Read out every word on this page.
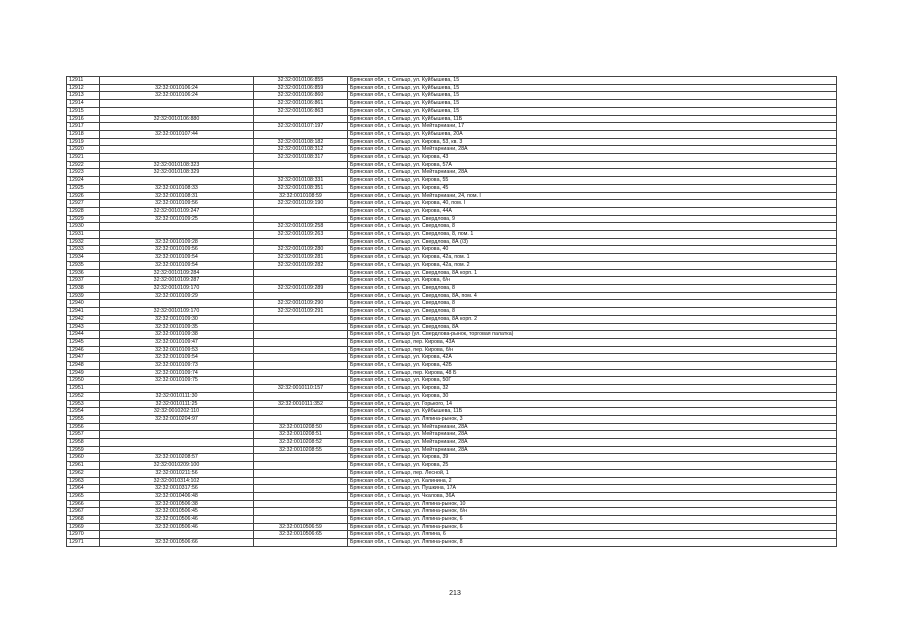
12911		32:32:0010106:855	Брянская обл., г. Сельцо, ул. Куйбышева, 15
12912	32:32:0010106:24	32:32:0010106:859	Брянская обл., г. Сельцо, ул. Куйбышева, 15
12913	32:32:0010106:24	32:32:0010106:860	Брянская обл., г. Сельцо, ул. Куйбышева, 15
12914		32:32:0010106:861	Брянская обл., г. Сельцо, ул. Куйбышева, 15
12915		32:32:0010106:863	Брянская обл., г. Сельцо, ул. Куйбышева, 15
12916	32:32:0010106:880		Брянская обл., г. Сельцо, ул. Куйбышева, 11Б
12917		32:32:0010107:197	Брянская обл., г. Сельцо, ул. Мейтарниани, 17
12918	32:32:0010107:44		Брянская обл., г. Сельцо, ул. Куйбышева, 20А
12919		32:32:0010108:182	Брянская обл., г. Сельцо, ул. Кирова, 53, кв. 3
12920		32:32:0010108:312	Брянская обл., г. Сельцо, ул. Мейтарниани, 28А
12921		32:32:0010108:317	Брянская обл., г. Сельцо, ул. Кирова, 43
12922	32:32:0010108:323		Брянская обл., г. Сельцо, ул. Кирова, 57А
12923	32:32:0010108:329		Брянская обл., г. Сельцо, ул. Мейтарниани, 28А
12924		32:32:0010108:331	Брянская обл., г. Сельцо, ул. Кирова, 55
12925	32:32:0010108:33	32:32:0010108:351	Брянская обл., г. Сельцо, ул. Кирова, 45
12926	32:32:0010108:31	32:32:0010108:59	Брянская обл., г. Сельцо, ул. Мейтарниани, 24, пом. I
12927	32:32:0010109:56	32:32:0010109:190	Брянская обл., г. Сельцо, ул. Кирова, 40, пом. I
12928	32:32:0010109:247		Брянская обл., г. Сельцо, ул. Кирова, 44А
12929	32:32:0010109:25		Брянская обл., г. Сельцо, ул. Свердлова, 9
12930		32:32:0010109:258	Брянская обл., г. Сельцо, ул. Свердлова, 8
12931		32:32:0010109:263	Брянская обл., г. Сельцо, ул. Свердлова, 8, пом. 1
12932	32:32:0010109:28		Брянская обл., г. Сельцо, ул. Свердлова, 8А (/3)
12933	32:32:0010109:56	32:32:0010109:280	Брянская обл., г. Сельцо, ул. Кирова, 40
12934	32:32:0010109:54	32:32:0010109:281	Брянская обл., г. Сельцо, ул. Кирова, 42а, пом. 1
12935	32:32:0010109:54	32:32:0010109:282	Брянская обл., г. Сельцо, ул. Кирова, 42а, пом. 2
12936	32:32:0010109:284		Брянская обл., г. Сельцо, ул. Свердлова, 8А корп. 1
12937	32:32:0010109:287		Брянская обл., г. Сельцо, ул. Кирова, б/н
12938	32:32:0010109:170	32:32:0010109:289	Брянская обл., г. Сельцо, ул. Свердлова, 8
12939	32:32:0010109:29		Брянская обл., г. Сельцо, ул. Свердлова, 8А, пом. 4
12940		32:32:0010109:290	Брянская обл., г. Сельцо, ул. Свердлова, 8
12941	32:32:0010109:170	32:32:0010109:291	Брянская обл., г. Сельцо, ул. Свердлова, 8
12942	32:32:0010109:30		Брянская обл., г. Сельцо, ул. Свердлова, 8А корп. 2
12943	32:32:0010109:35		Брянская обл., г. Сельцо, ул. Свердлова, 8А
12944	32:32:0010109:38		Брянская обл., г. Сельцо (ул. Свердлова-рынок, торговая палатка)
12945	32:32:0010109:47		Брянская обл., г. Сельцо, пер. Кирова, 43А
12946	32:32:0010109:53		Брянская обл., г. Сельцо, пер. Кирова, б/н
12947	32:32:0010109:54		Брянская обл., г. Сельцо, ул. Кирова, 42А
12948	32:32:0010109:73		Брянская обл., г. Сельцо, ул. Кирова, 42Б
12949	32:32:0010109:74		Брянская обл., г. Сельцо, пер. Кирова, 48 Б
12950	32:32:0010109:75		Брянская обл., г. Сельцо, ул. Кирова, 50Г
12951		32:32:0010110:157	Брянская обл., г. Сельцо, ул. Кирова, 32
12952	32:32:0010111:30		Брянская обл., г. Сельцо, ул. Кирова, 30
12953	32:32:0010111:25	32:32:0010111:352	Брянская обл., г. Сельцо, ул. Горького, 14
12954	32:32:0010202:110		Брянская обл., г. Сельцо, ул. Куйбышева, 11Б
12955	32:32:0010204:97		Брянская обл., г. Сельцо, ул. Ляпина-рынок, 3
12956		32:32:0010208:50	Брянская обл., г. Сельцо, ул. Мейтарниани, 28А
12957		32:32:0010208:51	Брянская обл., г. Сельцо, ул. Мейтарниани, 28А
12958		32:32:0010208:52	Брянская обл., г. Сельцо, ул. Мейтарниани, 28А
12959		32:32:0010208:55	Брянская обл., г. Сельцо, ул. Мейтарниани, 28А
12960	32:32:0010208:57		Брянская обл., г. Сельцо, ул. Кирова, 39
12961	32:32:0010209:100		Брянская обл., г. Сельцо, ул. Кирова, 25
12962	32:32:0010211:56		Брянская обл., г. Сельцо, пер. Лесной, 1
12963	32:32:0010314:102		Брянская обл., г. Сельцо, ул. Калинина, 2
12964	32:32:0010317:56		Брянская обл., г. Сельцо, ул. Пушкина, 17А
12965	32:32:0010406:48		Брянская обл., г. Сельцо, ул. Чкалова, 36А
12966	32:32:0010506:38		Брянская обл., г. Сельцо, ул. Ляпина-рынок, 10
12967	32:32:0010506:45		Брянская обл., г. Сельцо, ул. Ляпина-рынок, б/н
12968	32:32:0010506:46		Брянская обл., г. Сельцо, ул. Ляпина-рынок, 6
12969	32:32:0010506:46	32:32:0010506:59	Брянская обл., г. Сельцо, ул. Ляпина-рынок, 6
12970		32:32:0010506:65	Брянская обл., г. Сельцо, ул. Ляпина, 6
12971	32:32:0010506:66		Брянская обл., г. Сельцо, ул. Ляпина-рынок, 8
213
